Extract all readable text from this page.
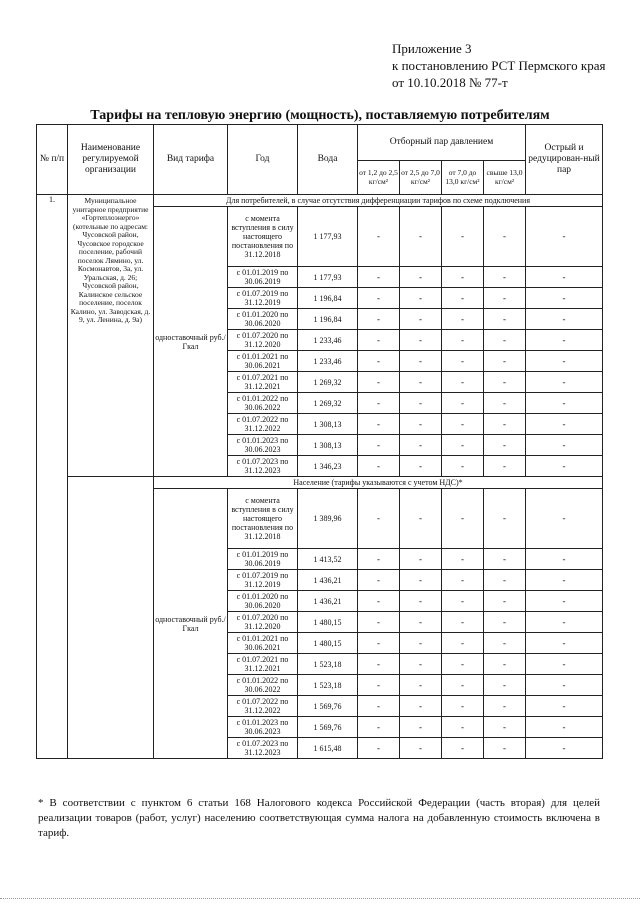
Приложение 3
к постановлению РСТ Пермского края
от 10.10.2018 № 77-т
Тарифы на тепловую энергию (мощность), поставляемую потребителям
№ п/п	Наименование регулируемой организации	Вид тарифа	Год	Вода	Отборный пар давлением				Острый и редуцирован-ный пар
					от 1,2 до 2,5 кг/см²	от 2,5 до 7,0 кг/см²	от 7,0 до 13,0 кг/см²	свыше 13,0 кг/см²	
1.	Муниципальное унитарное предприятие «Гортеплоэнерго» (котельные по адресам: Чусовской район, Чусовское городское поселение, рабочий поселок Лямино, ул. Космонавтов, 3а, ул. Уральская, д. 26; Чусовской район, Калинское сельское поселение, поселок Калино, ул. Заводская, д. 9, ул. Ленина, д. 9а)	Для потребителей, в случае отсутствия дифференциации тарифов по схеме подключения							
		одноставочный руб./Гкал	с момента вступления в силу настоящего постановления по 31.12.2018	1 177,93	-	-	-	-	-
			с 01.01.2019 по 30.06.2019	1 177,93	-	-	-	-	-
			с 01.07.2019 по 31.12.2019	1 196,84	-	-	-	-	-
			с 01.01.2020 по 30.06.2020	1 196,84	-	-	-	-	-
			с 01.07.2020 по 31.12.2020	1 233,46	-	-	-	-	-
			с 01.01.2021 по 30.06.2021	1 233,46	-	-	-	-	-
			с 01.07.2021 по 31.12.2021	1 269,32	-	-	-	-	-
			с 01.01.2022 по 30.06.2022	1 269,32	-	-	-	-	-
			с 01.07.2022 по 31.12.2022	1 308,13	-	-	-	-	-
			с 01.01.2023 по 30.06.2023	1 308,13	-	-	-	-	-
			с 01.07.2023 по 31.12.2023	1 346,23	-	-	-	-	-
		Население (тарифы указываются с учетом НДС)*							
		одноставочный руб./Гкал	с момента вступления в силу настоящего постановления по 31.12.2018	1 389,96	-	-	-	-	-
			с 01.01.2019 по 30.06.2019	1 413,52	-	-	-	-	-
			с 01.07.2019 по 31.12.2019	1 436,21	-	-	-	-	-
			с 01.01.2020 по 30.06.2020	1 436,21	-	-	-	-	-
			с 01.07.2020 по 31.12.2020	1 480,15	-	-	-	-	-
			с 01.01.2021 по 30.06.2021	1 480,15	-	-	-	-	-
			с 01.07.2021 по 31.12.2021	1 523,18	-	-	-	-	-
			с 01.01.2022 по 30.06.2022	1 523,18	-	-	-	-	-
			с 01.07.2022 по 31.12.2022	1 569,76	-	-	-	-	-
			с 01.01.2023 по 30.06.2023	1 569,76	-	-	-	-	-
			с 01.07.2023 по 31.12.2023	1 615,48	-	-	-	-	-
* В соответствии с пунктом 6 статьи 168 Налогового кодекса Российской Федерации (часть вторая) для целей реализации товаров (работ, услуг) населению соответствующая сумма налога на добавленную стоимость включена в тариф.
